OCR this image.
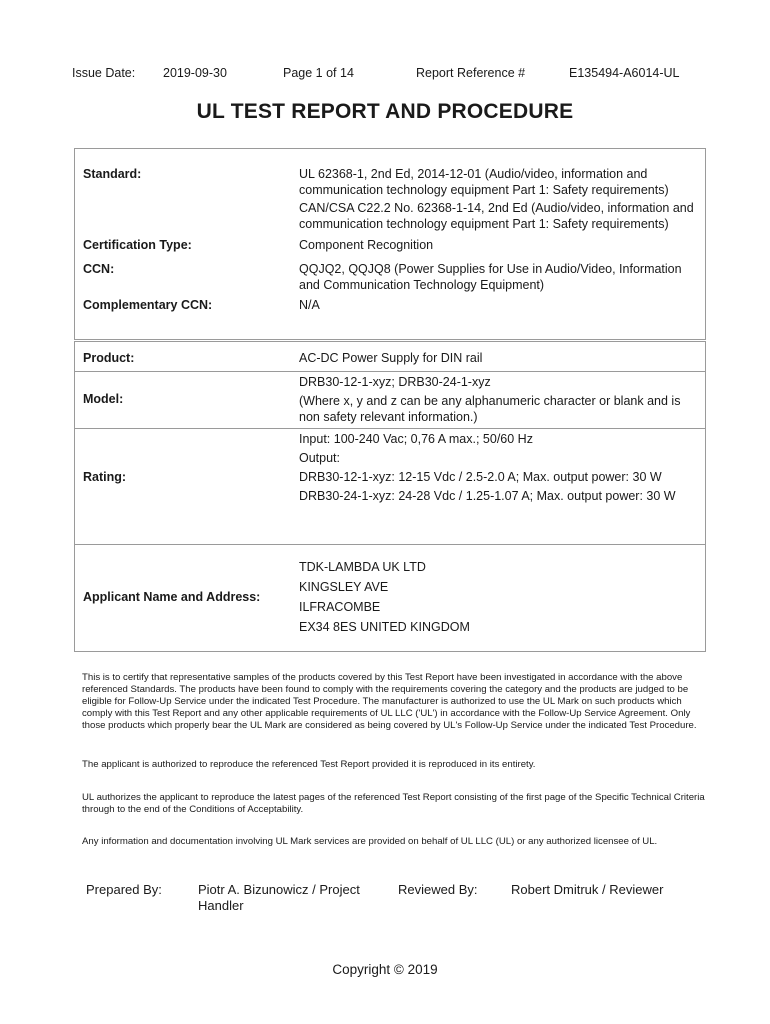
Issue Date: 2019-09-30	Page 1 of 14	Report Reference #	E135494-A6014-UL
UL TEST REPORT AND PROCEDURE
Standard:	UL 62368-1, 2nd Ed, 2014-12-01 (Audio/video, information and communication technology equipment Part 1: Safety requirements)
CAN/CSA C22.2 No. 62368-1-14, 2nd Ed (Audio/video, information and communication technology equipment Part 1: Safety requirements)
Certification Type:	Component Recognition
CCN:	QQJQ2, QQJQ8 (Power Supplies for Use in Audio/Video, Information and Communication Technology Equipment)
Complementary CCN:	N/A
Product:	AC-DC Power Supply for DIN rail
Model:
DRB30-12-1-xyz; DRB30-24-1-xyz
(Where x, y and z can be any alphanumeric character or blank and is non safety relevant information.)
Rating:
Input: 100-240 Vac; 0,76 A max.; 50/60 Hz
Output:
DRB30-12-1-xyz: 12-15 Vdc / 2.5-2.0 A; Max. output power: 30 W
DRB30-24-1-xyz: 24-28 Vdc / 1.25-1.07 A; Max. output power: 30 W
Applicant Name and Address:
TDK-LAMBDA UK LTD
KINGSLEY AVE
ILFRACOMBE
EX34 8ES UNITED KINGDOM
This is to certify that representative samples of the products covered by this Test Report have been investigated in accordance with the above referenced Standards. The products have been found to comply with the requirements covering the category and the products are judged to be eligible for Follow-Up Service under the indicated Test Procedure. The manufacturer is authorized to use the UL Mark on such products which comply with this Test Report and any other applicable requirements of UL LLC ('UL') in accordance with the Follow-Up Service Agreement. Only those products which properly bear the UL Mark are considered as being covered by UL's Follow-Up Service under the indicated Test Procedure.
The applicant is authorized to reproduce the referenced Test Report provided it is reproduced in its entirety.
UL authorizes the applicant to reproduce the latest pages of the referenced Test Report consisting of the first page of the Specific Technical Criteria through to the end of the Conditions of Acceptability.
Any information and documentation involving UL Mark services are provided on behalf of UL LLC (UL) or any authorized licensee of UL.
Prepared By:	Piotr A. Bizunowicz / Project Handler
Reviewed By:	Robert Dmitruk / Reviewer
Copyright © 2019
